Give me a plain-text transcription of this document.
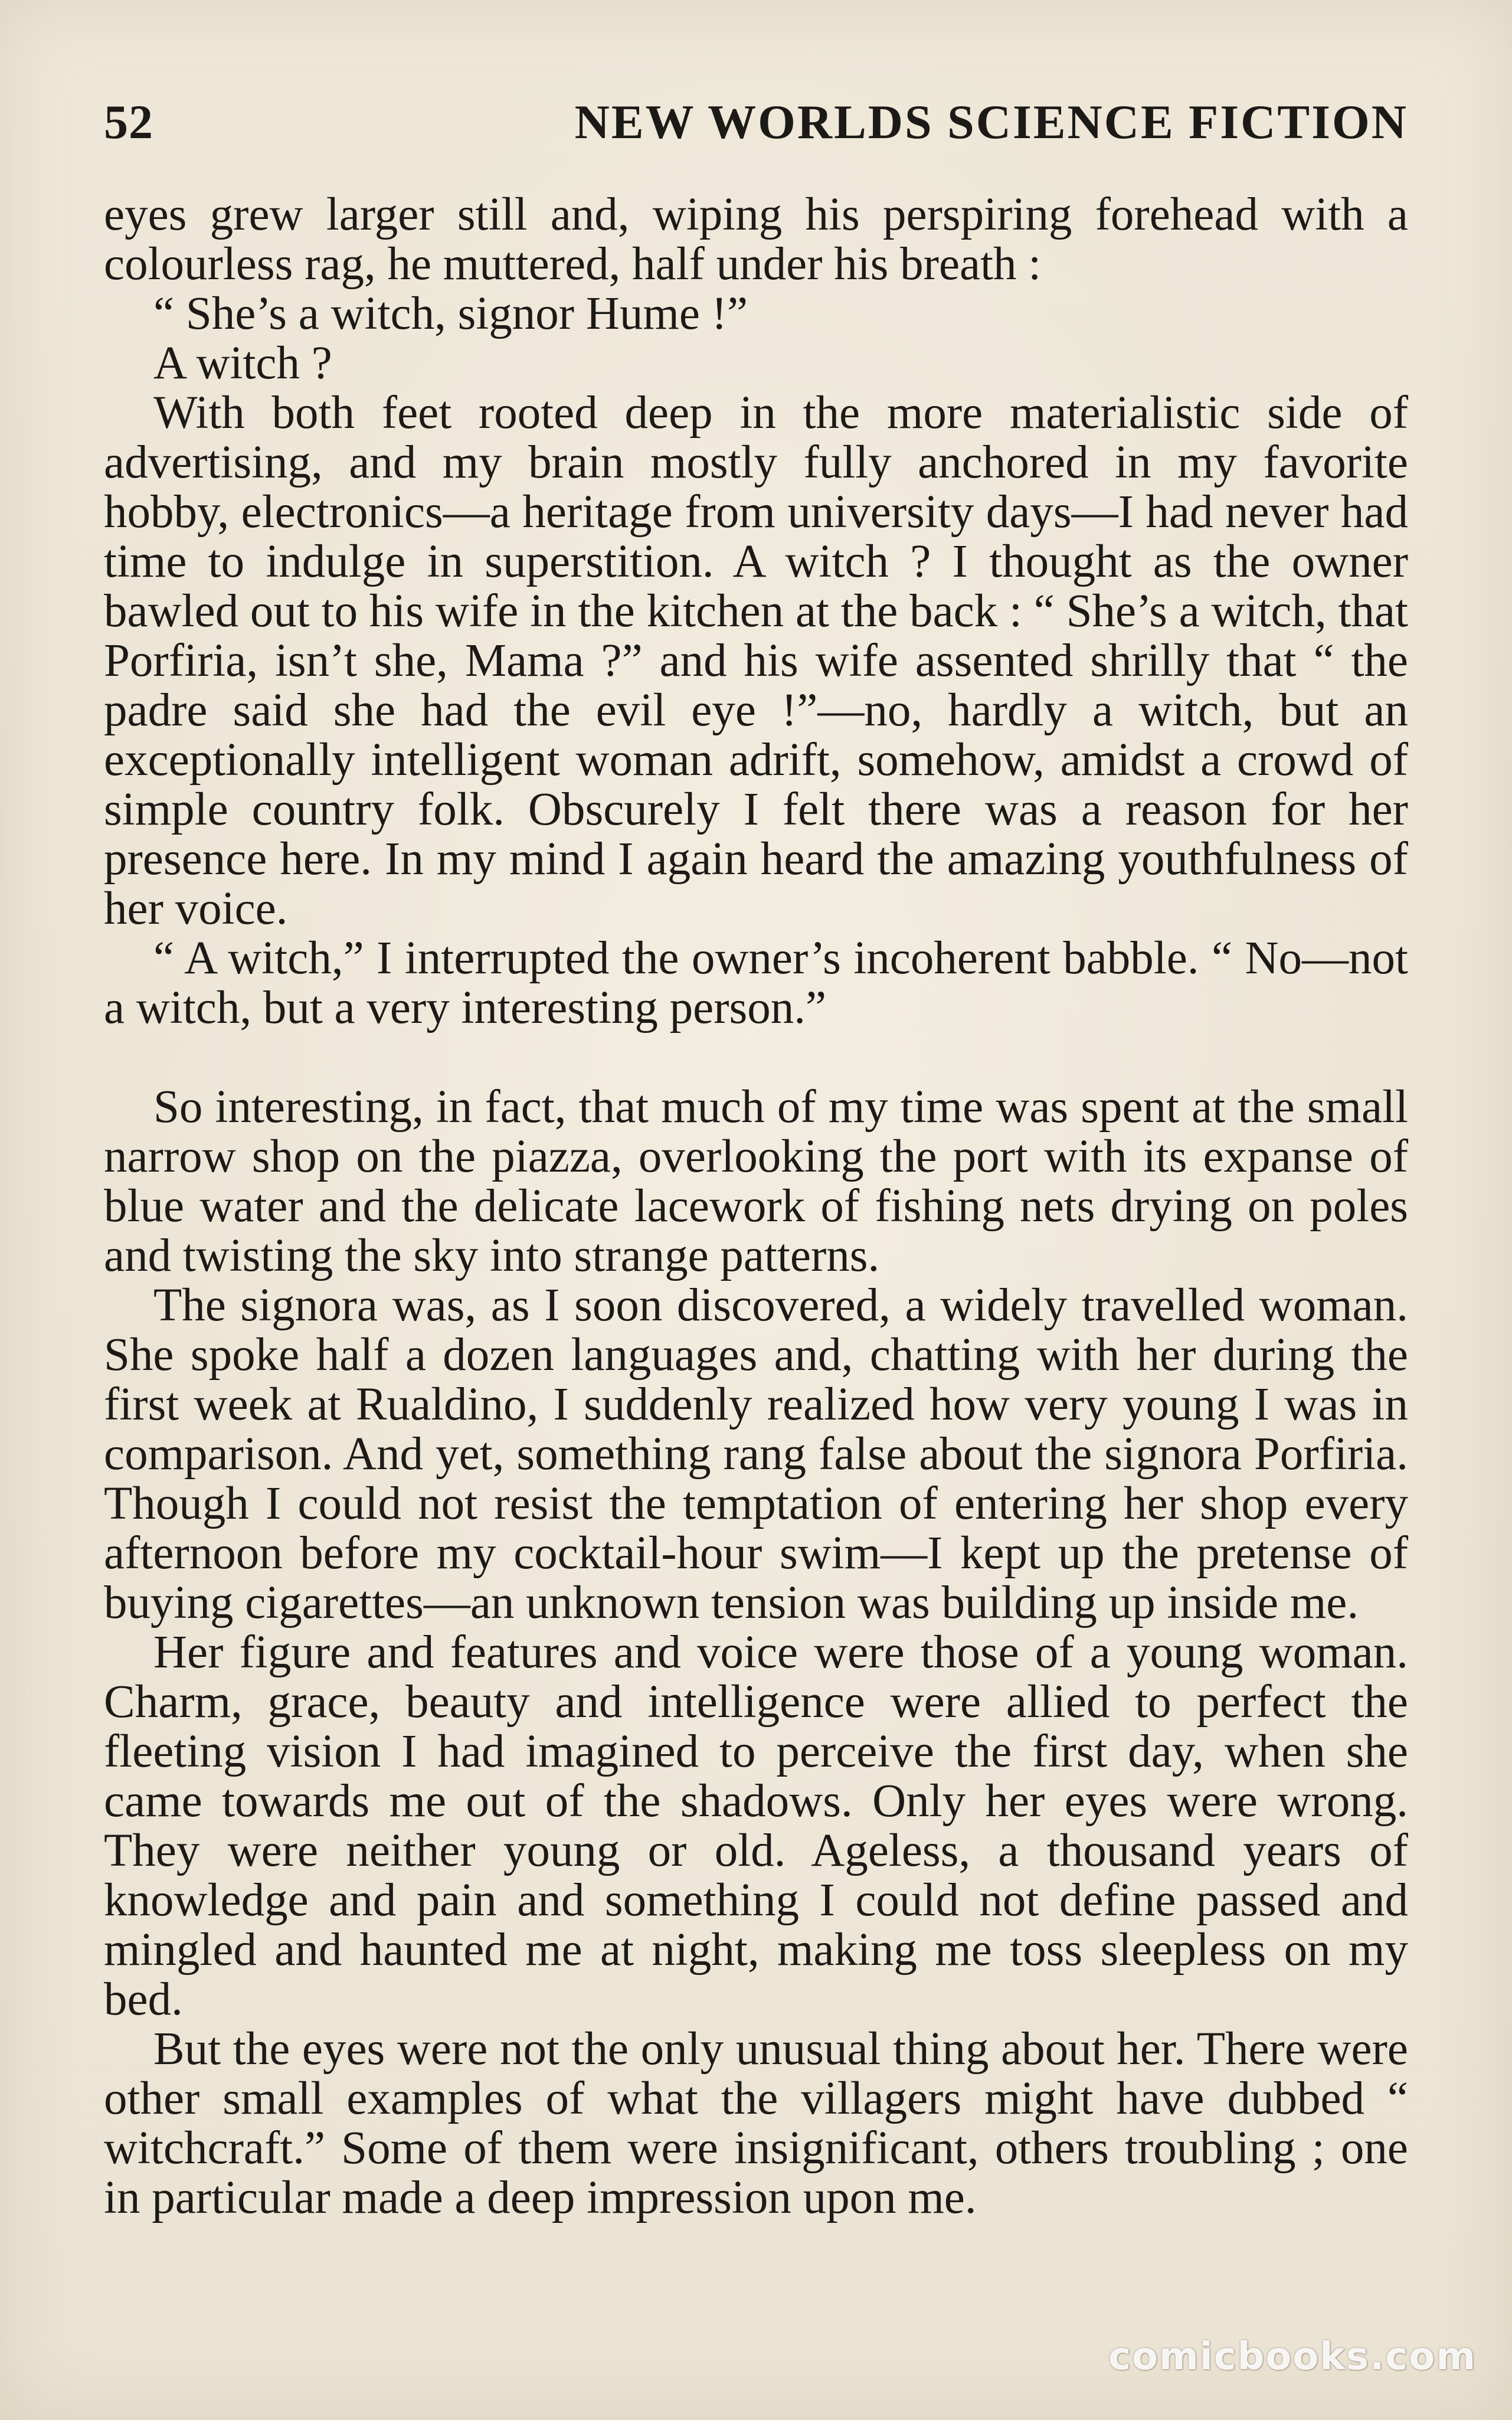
52	NEW WORLDS SCIENCE FICTION

eyes grew larger still and, wiping his perspiring forehead with a colourless rag, he muttered, half under his breath :

“ She’s a witch, signor Hume !”

A witch ?

With both feet rooted deep in the more materialistic side of advertising, and my brain mostly fully anchored in my favorite hobby, electronics—a heritage from university days—I had never had time to indulge in superstition. A witch ? I thought as the owner bawled out to his wife in the kitchen at the back : “ She’s a witch, that Porfiria, isn’t she, Mama ?” and his wife assented shrilly that “ the padre said she had the evil eye !”—no, hardly a witch, but an exceptionally intelligent woman adrift, somehow, amidst a crowd of simple country folk. Obscurely I felt there was a reason for her presence here. In my mind I again heard the amazing youthfulness of her voice.

“ A witch,” I interrupted the owner’s incoherent babble. “ No—not a witch, but a very interesting person.”

So interesting, in fact, that much of my time was spent at the small narrow shop on the piazza, overlooking the port with its expanse of blue water and the delicate lacework of fishing nets drying on poles and twisting the sky into strange patterns.

The signora was, as I soon discovered, a widely travelled woman. She spoke half a dozen languages and, chatting with her during the first week at Rualdino, I suddenly realized how very young I was in comparison. And yet, something rang false about the signora Porfiria. Though I could not resist the temptation of entering her shop every afternoon before my cocktail-hour swim—I kept up the pretense of buying cigarettes—an unknown tension was building up inside me.

Her figure and features and voice were those of a young woman. Charm, grace, beauty and intelligence were allied to perfect the fleeting vision I had imagined to perceive the first day, when she came towards me out of the shadows. Only her eyes were wrong. They were neither young or old. Ageless, a thousand years of knowledge and pain and something I could not define passed and mingled and haunted me at night, making me toss sleepless on my bed.

But the eyes were not the only unusual thing about her. There were other small examples of what the villagers might have dubbed “ witchcraft.” Some of them were insignificant, others troubling ; one in particular made a deep impression upon me.

comicbooks.com
